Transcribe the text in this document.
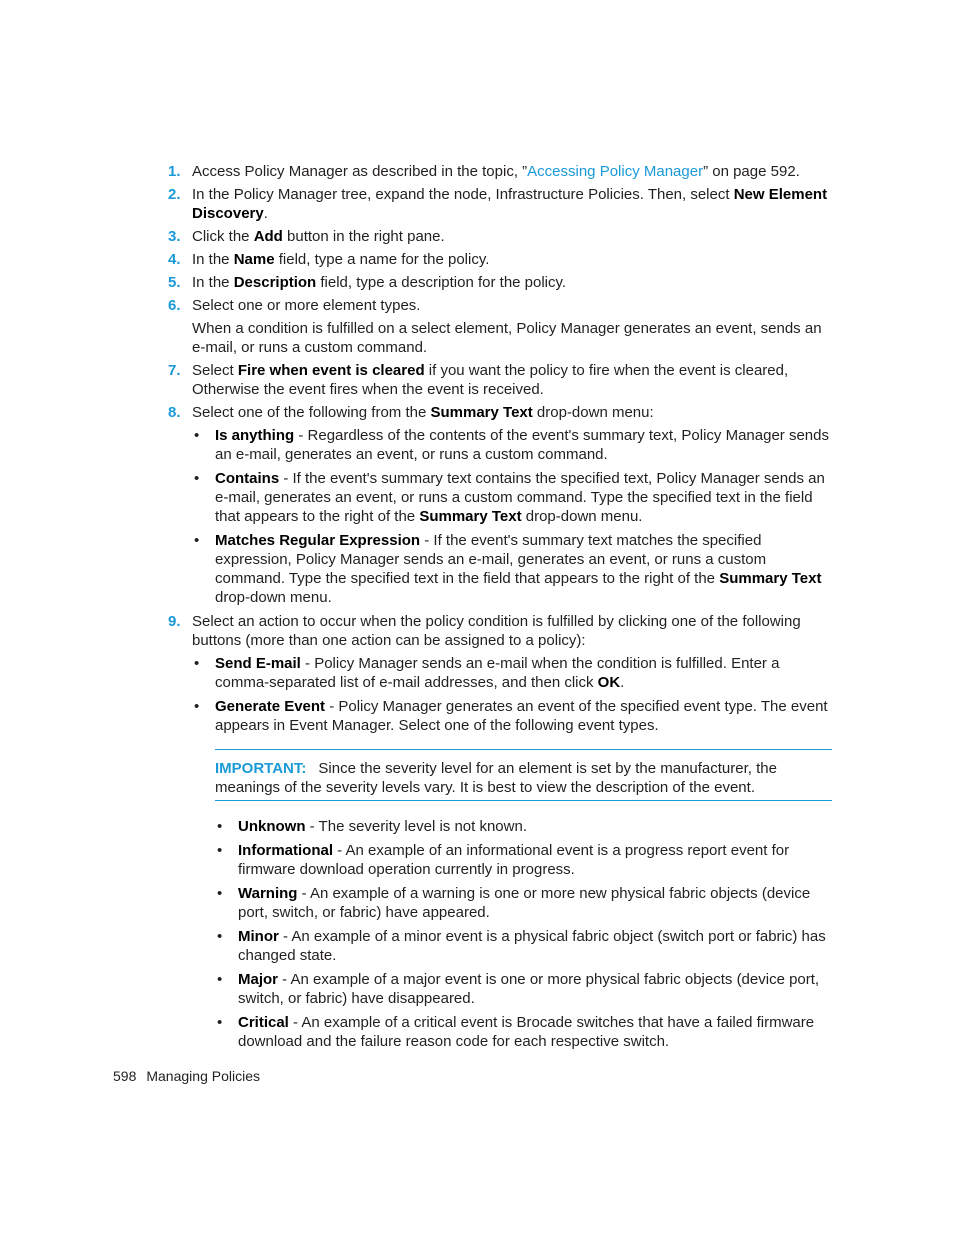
1. Access Policy Manager as described in the topic, ”Accessing Policy Manager” on page 592.

2. In the Policy Manager tree, expand the node, Infrastructure Policies. Then, select New Element Discovery.

3. Click the Add button in the right pane.

4. In the Name field, type a name for the policy.

5. In the Description field, type a description for the policy.

6. Select one or more element types.

When a condition is fulfilled on a select element, Policy Manager generates an event, sends an e-mail, or runs a custom command.

7. Select Fire when event is cleared if you want the policy to fire when the event is cleared, Otherwise the event fires when the event is received.

8. Select one of the following from the Summary Text drop-down menu:

• Is anything - Regardless of the contents of the event's summary text, Policy Manager sends an e-mail, generates an event, or runs a custom command.
• Contains - If the event's summary text contains the specified text, Policy Manager sends an e-mail, generates an event, or runs a custom command. Type the specified text in the field that appears to the right of the Summary Text drop-down menu.
• Matches Regular Expression - If the event's summary text matches the specified expression, Policy Manager sends an e-mail, generates an event, or runs a custom command. Type the specified text in the field that appears to the right of the Summary Text drop-down menu.
9. Select an action to occur when the policy condition is fulfilled by clicking one of the following buttons (more than one action can be assigned to a policy):

• Send E-mail - Policy Manager sends an e-mail when the condition is fulfilled. Enter a comma-separated list of e-mail addresses, and then click OK.
• Generate Event - Policy Manager generates an event of the specified event type. The event appears in Event Manager. Select one of the following event types.
IMPORTANT: Since the severity level for an element is set by the manufacturer, the meanings of the severity levels vary. It is best to view the description of the event.
• Unknown - The severity level is not known.
• Informational - An example of an informational event is a progress report event for firmware download operation currently in progress.
• Warning - An example of a warning is one or more new physical fabric objects (device port, switch, or fabric) have appeared.
• Minor - An example of a minor event is a physical fabric object (switch port or fabric) has changed state.
• Major - An example of a major event is one or more physical fabric objects (device port, switch, or fabric) have disappeared.
• Critical - An example of a critical event is Brocade switches that have a failed firmware download and the failure reason code for each respective switch.
598 Managing Policies
